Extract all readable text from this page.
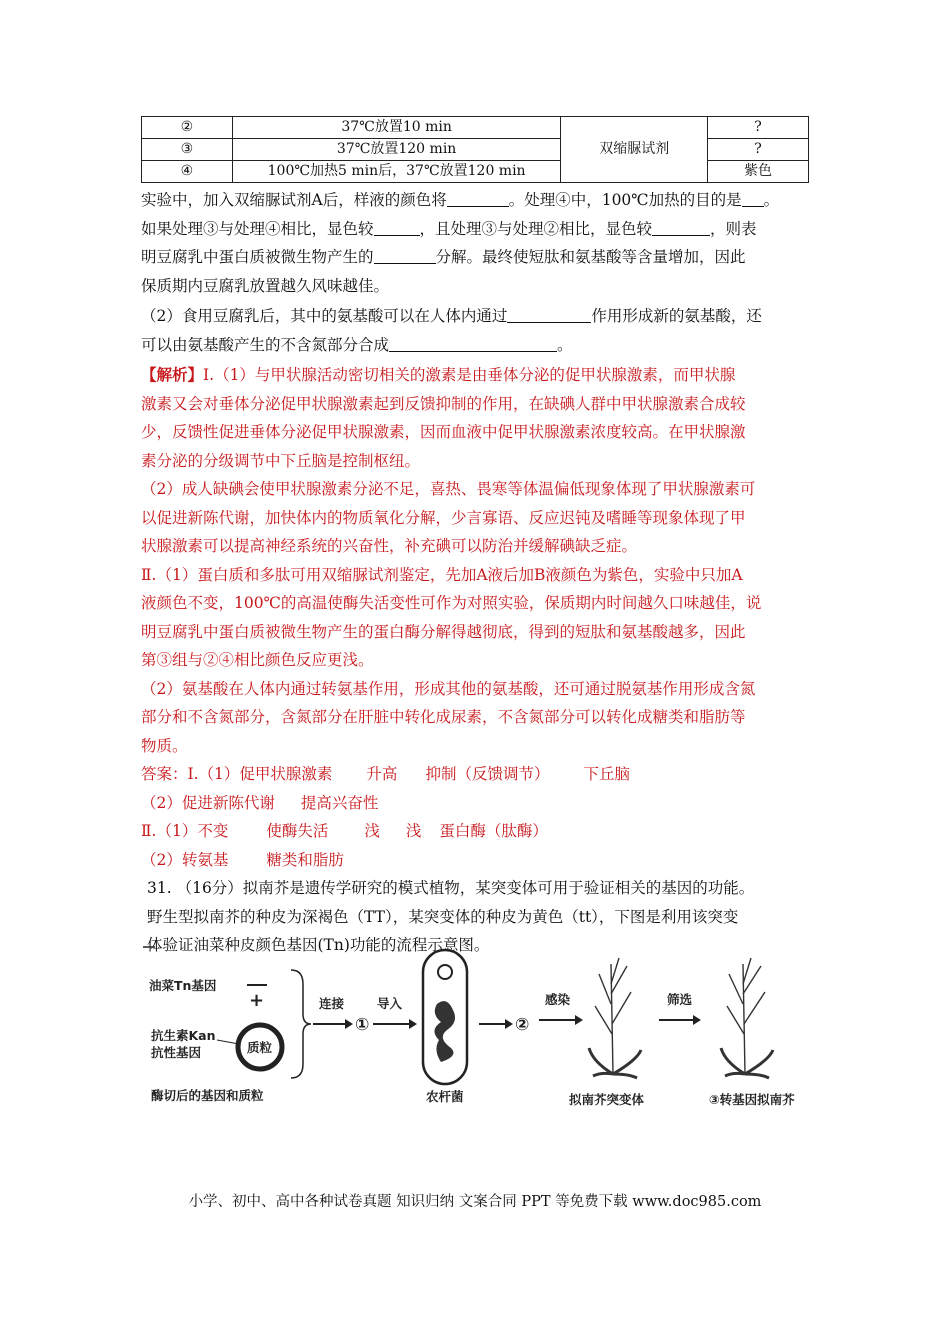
②	37℃放置10 min	双缩脲试剂	?
③	37℃放置120 min		?
④	100℃加热5 min后，37℃放置120 min		紫色

实验中，加入双缩脲试剂A后，样液的颜色将	。处理④中，100℃加热的目的是 。

如果处理③与处理④相比，显色较	，且处理③与处理②相比，显色较	，则表

明豆腐乳中蛋白质被微生物产生的	分解。最终使短肽和氨基酸等含量增加，因此

保质期内豆腐乳放置越久风味越佳。

（2）食用豆腐乳后，其中的氨基酸可以在人体内通过	作用形成新的氨基酸，还

可以由氨基酸产生的不含氮部分合成	。

【解析】Ⅰ.（1）与甲状腺活动密切相关的激素是由垂体分泌的促甲状腺激素，而甲状腺

激素又会对垂体分泌促甲状腺激素起到反馈抑制的作用，在缺碘人群中甲状腺激素合成较

少，反馈性促进垂体分泌促甲状腺激素，因而血液中促甲状腺激素浓度较高。在甲状腺激

素分泌的分级调节中下丘脑是控制枢纽。

（2）成人缺碘会使甲状腺激素分泌不足，喜热、畏寒等体温偏低现象体现了甲状腺激素可

以促进新陈代谢，加快体内的物质氧化分解，少言寡语、反应迟钝及嗜睡等现象体现了甲

状腺激素可以提高神经系统的兴奋性，补充碘可以防治并缓解碘缺乏症。

Ⅱ.（1）蛋白质和多肽可用双缩脲试剂鉴定，先加A液后加B液颜色为紫色，实验中只加A

液颜色不变，100℃的高温使酶失活变性可作为对照实验，保质期内时间越久口味越佳，说

明豆腐乳中蛋白质被微生物产生的蛋白酶分解得越彻底，得到的短肽和氨基酸越多，因此

第③组与②④相比颜色反应更浅。

（2）氨基酸在人体内通过转氨基作用，形成其他的氨基酸，还可通过脱氨基作用形成含氮

部分和不含氮部分，含氮部分在肝脏中转化成尿素，不含氮部分可以转化成糖类和脂肪等

物质。

答案：Ⅰ.（1）促甲状腺激素 升高 抑制（反馈调节） 下丘脑

（2）促进新陈代谢 提高兴奋性

Ⅱ.（1）不变 使酶失活 浅 浅 蛋白酶（肽酶）

（2）转氨基 糖类和脂肪

31. （16分）拟南芥是遗传学研究的模式植物，某突变体可用于验证相关的基因的功能。

野生型拟南芥的种皮为深褐色（TT），某突变体的种皮为黄色（tt），下图是利用该突变

体验证油菜种皮颜色基因(Tn)功能的流程示意图。

油菜Tn基因
+
抗生素Kan
抗性基因	质粒
酶切后的基因和质粒
连接
①
导入
农杆菌
②
感染
拟南芥突变体
筛选
③转基因拟南芥
小学、初中、高中各种试卷真题 知识归纳 文案合同 PPT 等免费下载 www.doc985.com
